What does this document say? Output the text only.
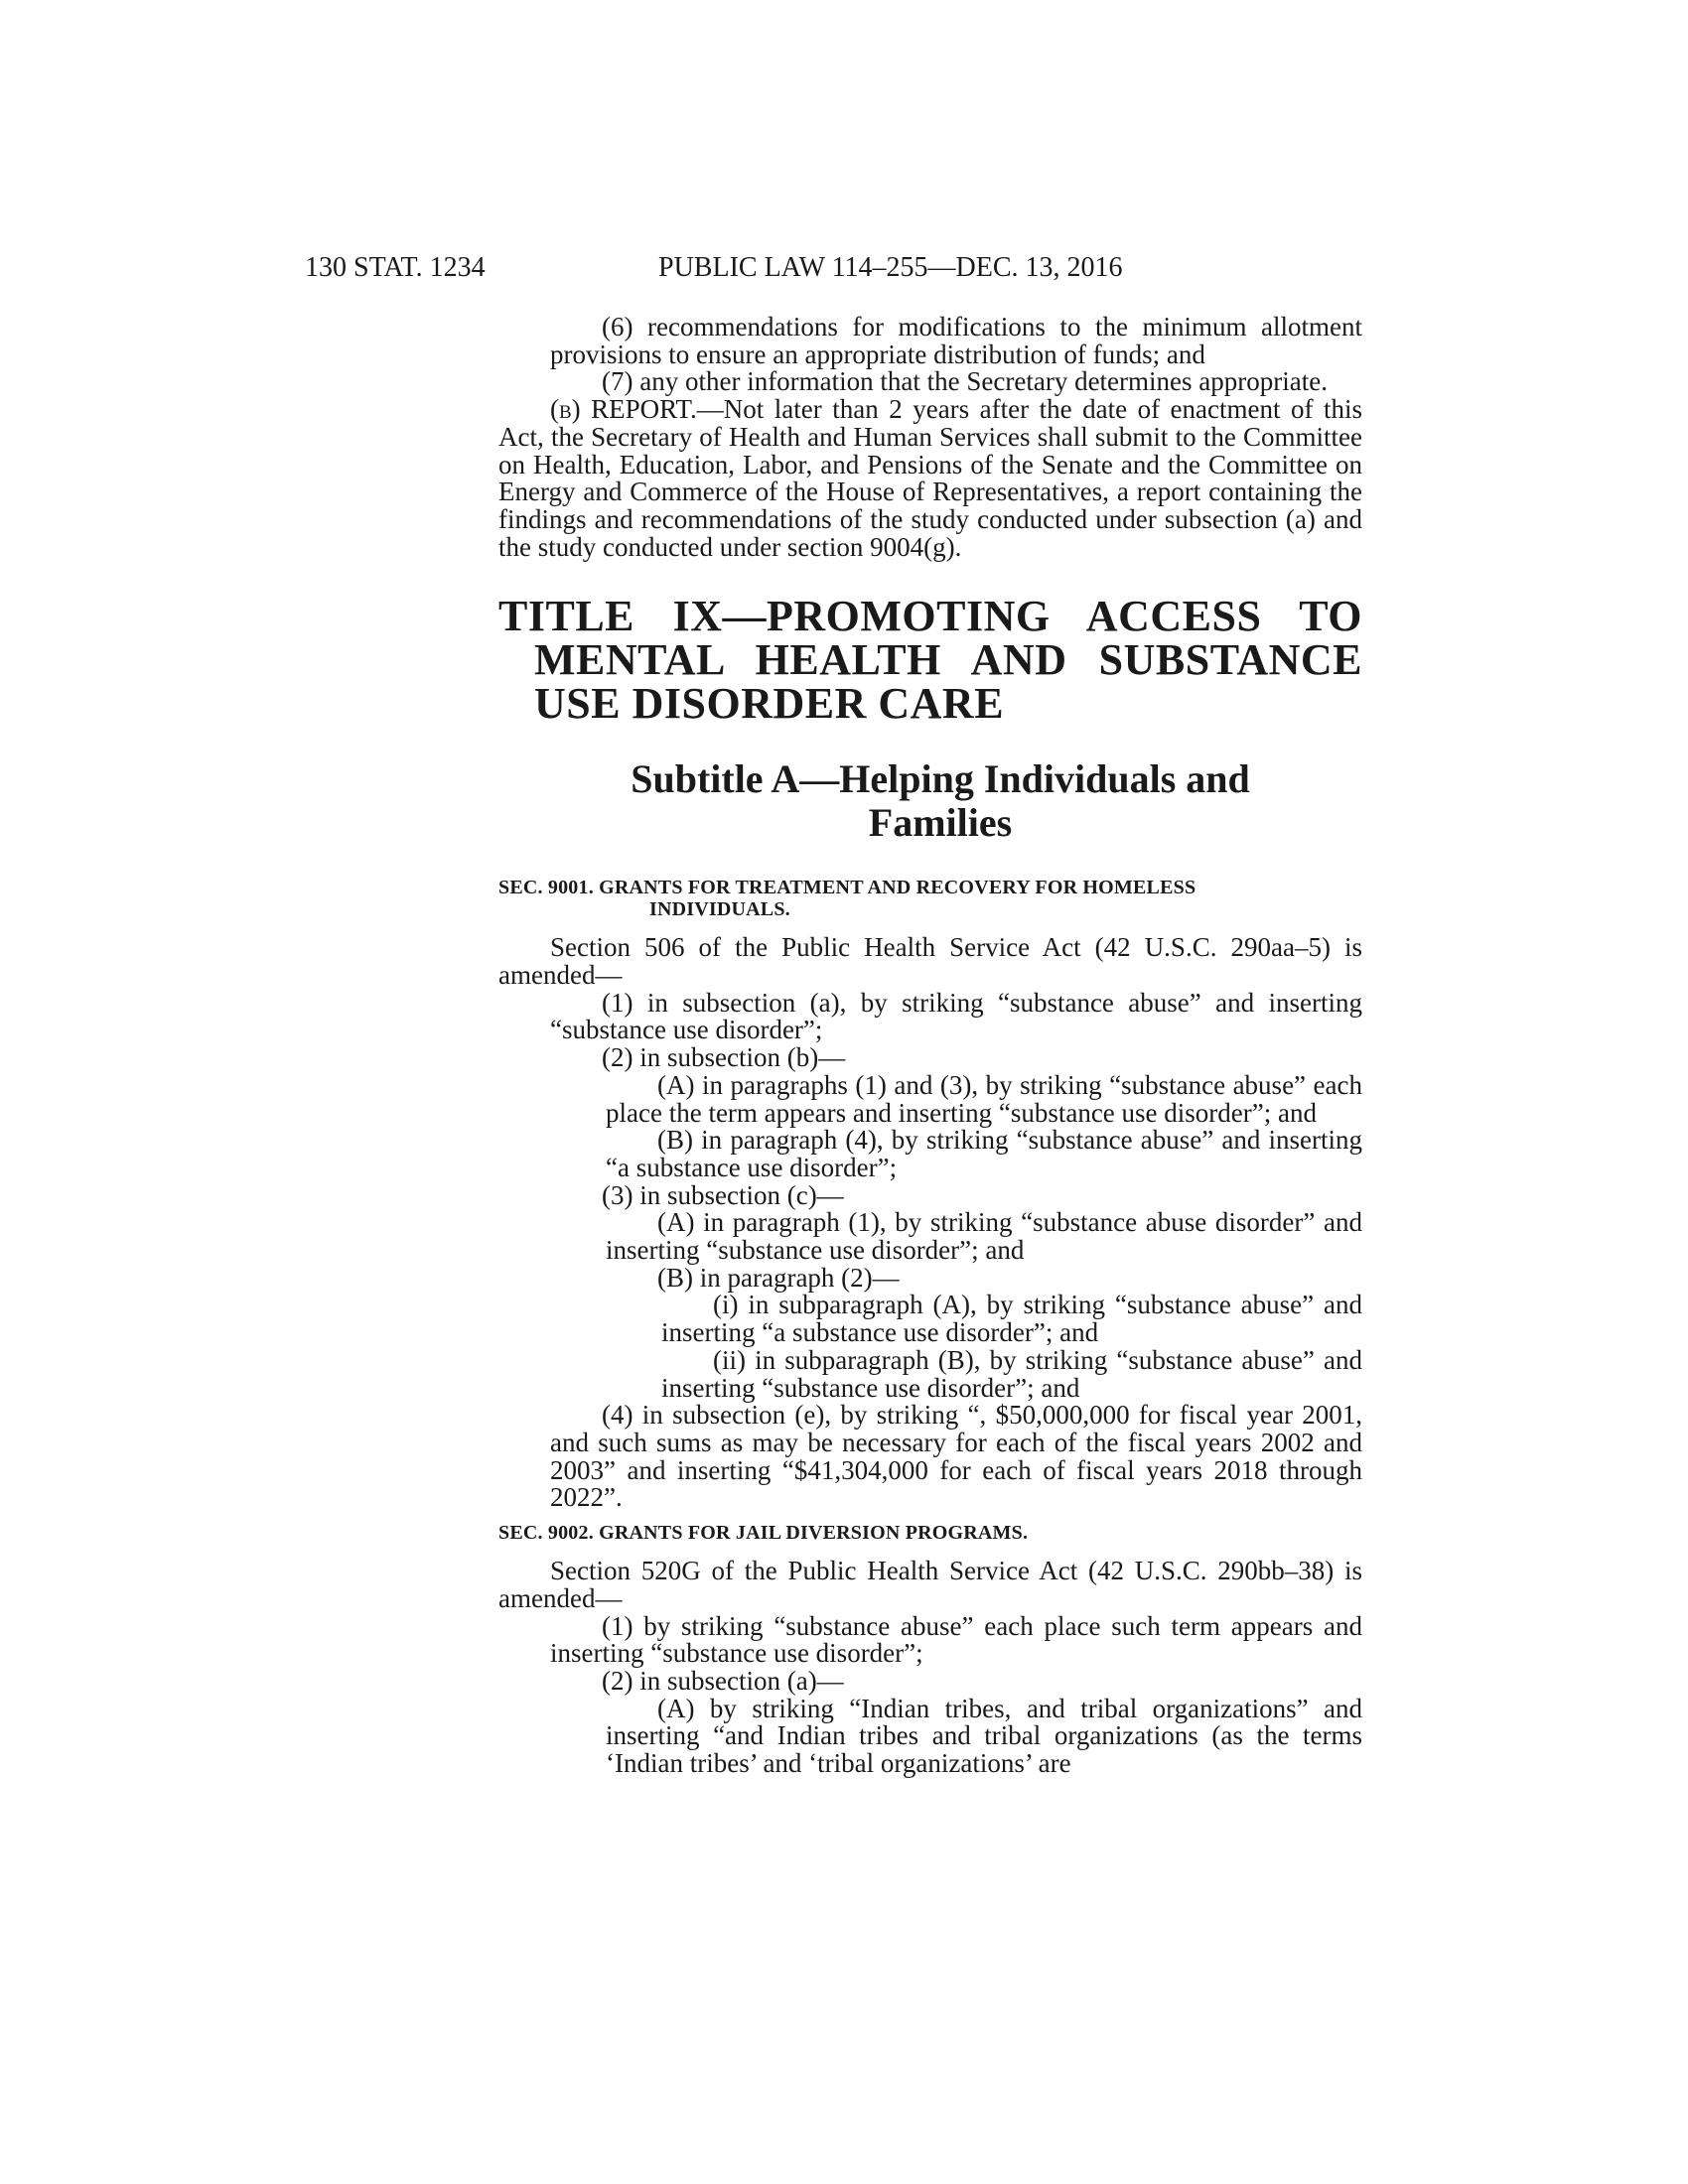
130 STAT. 1234	PUBLIC LAW 114–255—DEC. 13, 2016

(6) recommendations for modifications to the minimum allotment provisions to ensure an appropriate distribution of funds; and

(7) any other information that the Secretary determines appropriate.

(b) REPORT.—Not later than 2 years after the date of enactment of this Act, the Secretary of Health and Human Services shall submit to the Committee on Health, Education, Labor, and Pensions of the Senate and the Committee on Energy and Commerce of the House of Representatives, a report containing the findings and recommendations of the study conducted under subsection (a) and the study conducted under section 9004(g).

TITLE IX—PROMOTING ACCESS TO
MENTAL HEALTH AND SUBSTANCE
USE DISORDER CARE
Subtitle A—Helping Individuals and
Families
SEC. 9001. GRANTS FOR TREATMENT AND RECOVERY FOR HOMELESS
INDIVIDUALS.

Section 506 of the Public Health Service Act (42 U.S.C. 290aa–5) is amended—

(1) in subsection (a), by striking “substance abuse” and inserting “substance use disorder”;

(2) in subsection (b)—

(A) in paragraphs (1) and (3), by striking “substance abuse” each place the term appears and inserting “substance use disorder”; and

(B) in paragraph (4), by striking “substance abuse” and inserting “a substance use disorder”;

(3) in subsection (c)—

(A) in paragraph (1), by striking “substance abuse disorder” and inserting “substance use disorder”; and

(B) in paragraph (2)—

(i) in subparagraph (A), by striking “substance abuse” and inserting “a substance use disorder”; and

(ii) in subparagraph (B), by striking “substance abuse” and inserting “substance use disorder”; and

(4) in subsection (e), by striking “, $50,000,000 for fiscal year 2001, and such sums as may be necessary for each of the fiscal years 2002 and 2003” and inserting “$41,304,000 for each of fiscal years 2018 through 2022”.

SEC. 9002. GRANTS FOR JAIL DIVERSION PROGRAMS.

Section 520G of the Public Health Service Act (42 U.S.C. 290bb–38) is amended—

(1) by striking “substance abuse” each place such term appears and inserting “substance use disorder”;

(2) in subsection (a)—

(A) by striking “Indian tribes, and tribal organizations” and inserting “and Indian tribes and tribal organizations (as the terms ‘Indian tribes’ and ‘tribal organizations’ are
